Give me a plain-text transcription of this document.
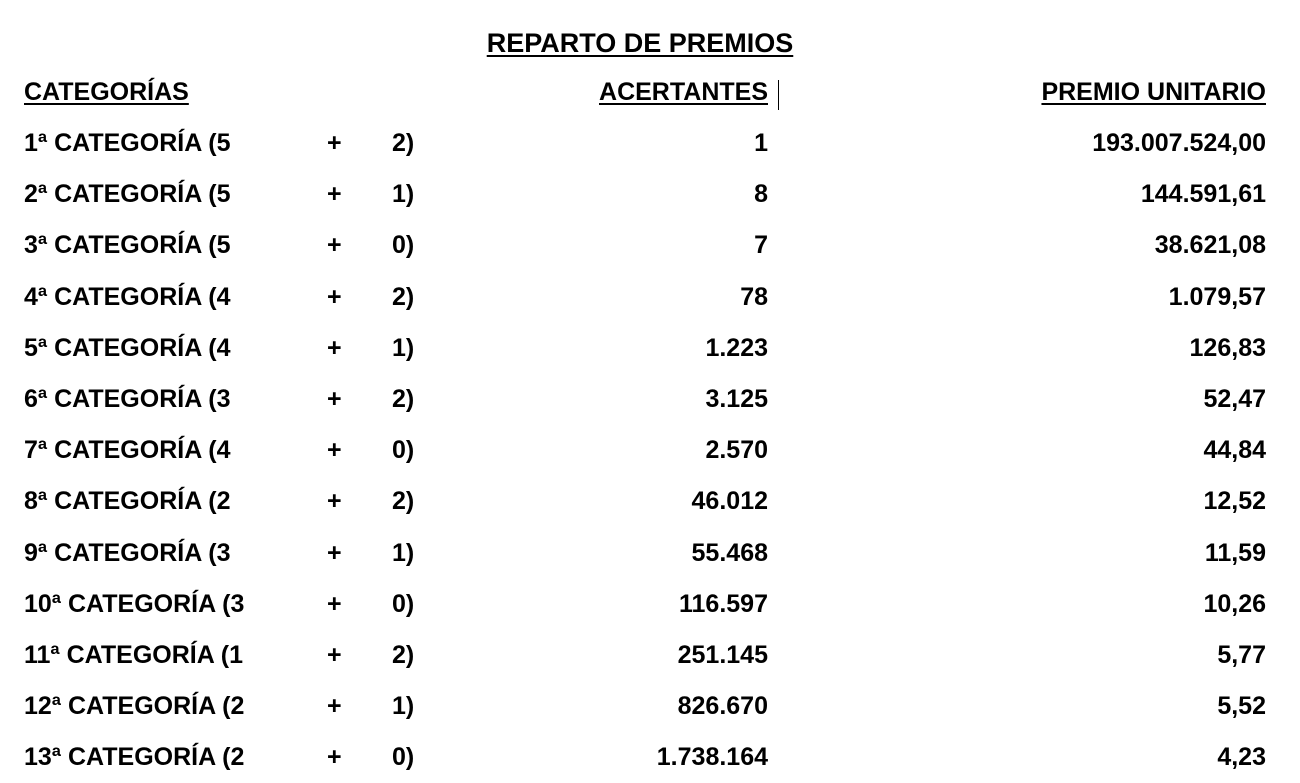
REPARTO DE PREMIOS
CATEGORÍAS	ACERTANTES	PREMIO UNITARIO
1ª CATEGORÍA (5	+ 2)	1	193.007.524,00
2ª CATEGORÍA (5	+ 1)	8	144.591,61
3ª CATEGORÍA (5	+ 0)	7	38.621,08
4ª CATEGORÍA (4	+ 2)	78	1.079,57
5ª CATEGORÍA (4	+ 1)	1.223	126,83
6ª CATEGORÍA (3	+ 2)	3.125	52,47
7ª CATEGORÍA (4	+ 0)	2.570	44,84
8ª CATEGORÍA (2	+ 2)	46.012	12,52
9ª CATEGORÍA (3	+ 1)	55.468	11,59
10ª CATEGORÍA (3	+ 0)	116.597	10,26
11ª CATEGORÍA (1	+ 2)	251.145	5,77
12ª CATEGORÍA (2	+ 1)	826.670	5,52
13ª CATEGORÍA (2	+ 0)	1.738.164	4,23
